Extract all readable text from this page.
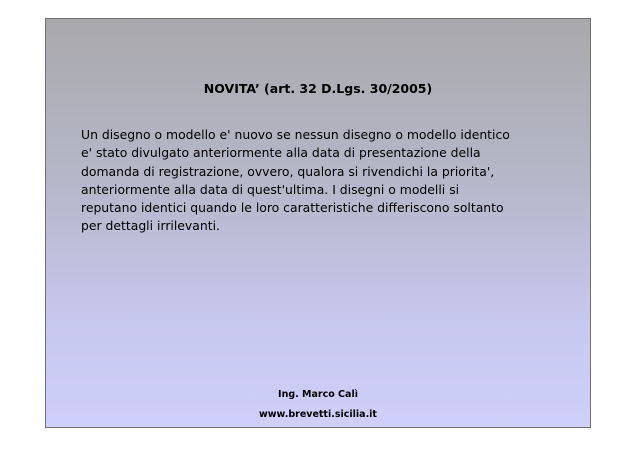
NOVITA’ (art. 32 D.Lgs. 30/2005)
Un disegno o modello e' nuovo se nessun disegno o modello identico
e' stato divulgato anteriormente alla data di presentazione della
domanda di registrazione, ovvero, qualora si rivendichi la priorita',
anteriormente alla data di quest'ultima. I disegni o modelli si
reputano identici quando le loro caratteristiche differiscono soltanto
per dettagli irrilevanti.
Ing. Marco Calì
www.brevetti.sicilia.it
